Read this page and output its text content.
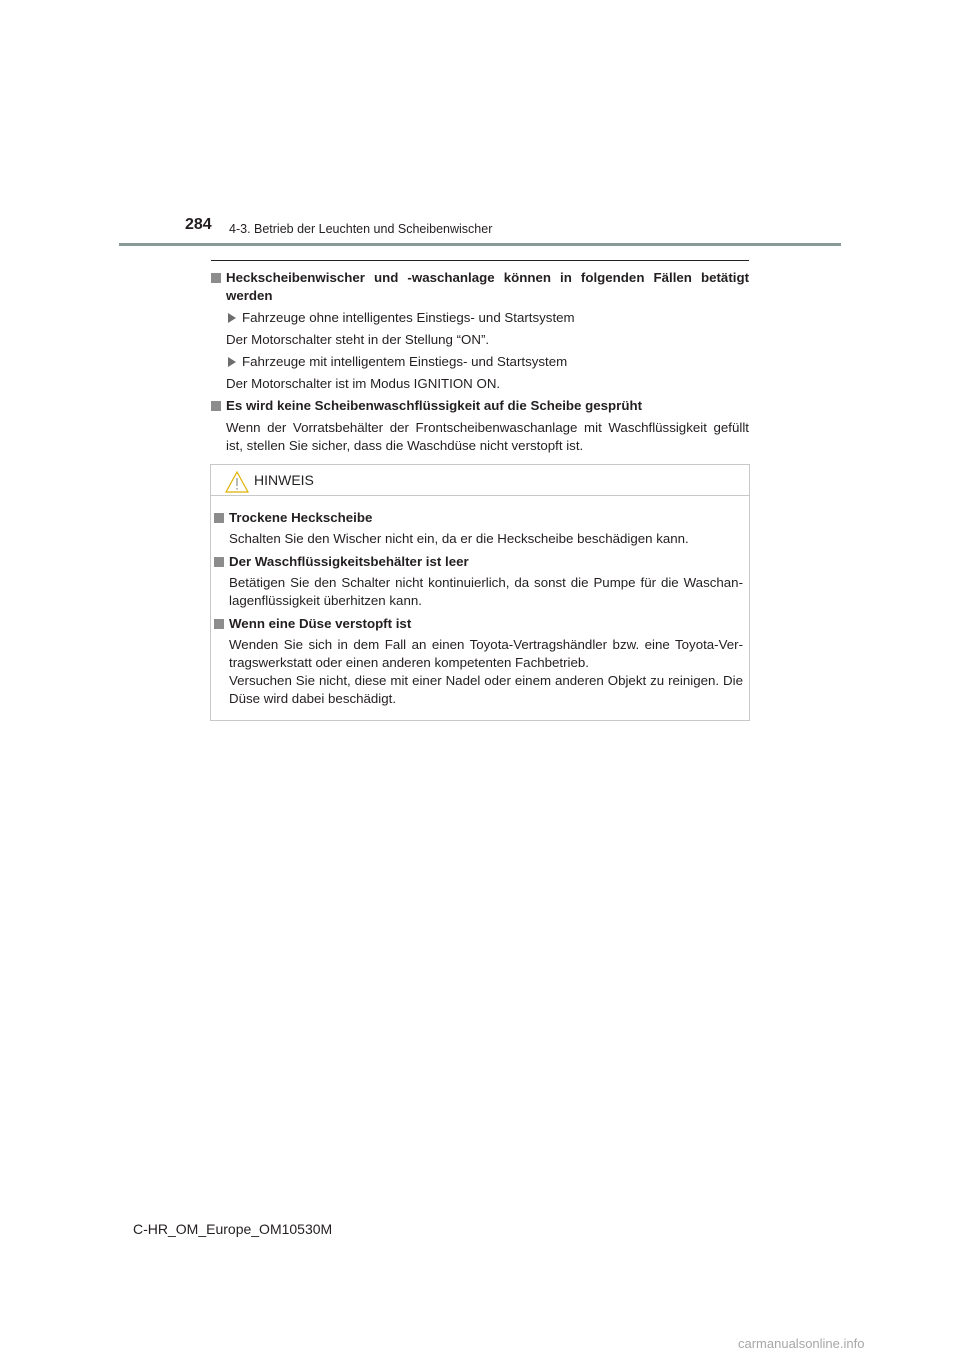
284 4-3. Betrieb der Leuchten und Scheibenwischer
Heckscheibenwischer und -waschanlage können in folgenden Fällen betätigt werden
Fahrzeuge ohne intelligentes Einstiegs- und Startsystem
Der Motorschalter steht in der Stellung “ON”.
Fahrzeuge mit intelligentem Einstiegs- und Startsystem
Der Motorschalter ist im Modus IGNITION ON.
Es wird keine Scheibenwaschflüssigkeit auf die Scheibe gesprüht
Wenn der Vorratsbehälter der Frontscheibenwaschanlage mit Waschflüssigkeit gefüllt ist, stellen Sie sicher, dass die Waschdüse nicht verstopft ist.
HINWEIS
Trockene Heckscheibe
Schalten Sie den Wischer nicht ein, da er die Heckscheibe beschädigen kann.
Der Waschflüssigkeitsbehälter ist leer
Betätigen Sie den Schalter nicht kontinuierlich, da sonst die Pumpe für die Waschanlagenflüssigkeit überhitzen kann.
Wenn eine Düse verstopft ist
Wenden Sie sich in dem Fall an einen Toyota-Vertragshändler bzw. eine Toyota-Vertragswerkstatt oder einen anderen kompetenten Fachbetrieb.
Versuchen Sie nicht, diese mit einer Nadel oder einem anderen Objekt zu reinigen. Die Düse wird dabei beschädigt.
C-HR_OM_Europe_OM10530M
carmanualsonline.info
